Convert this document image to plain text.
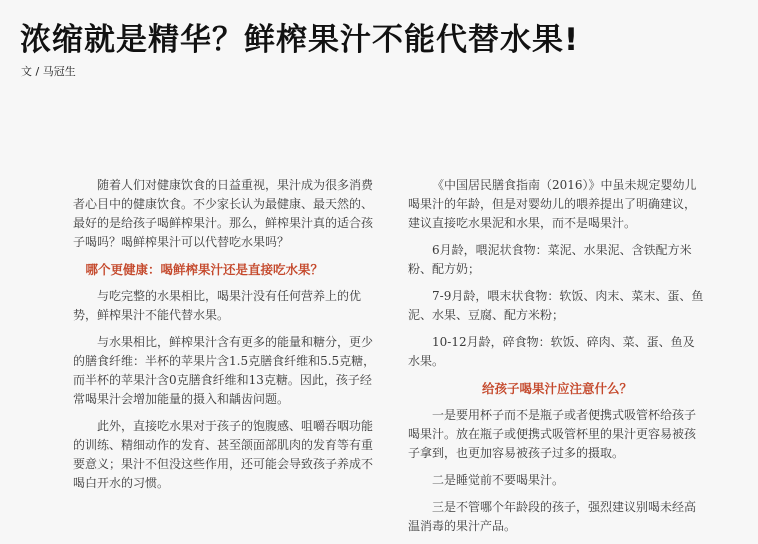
浓缩就是精华？鲜榨果汁不能代替水果!
文 / 马冠生

随着人们对健康饮食的日益重视，果汁成为很多消费者心目中的健康饮食。不少家长认为最健康、最天然的、最好的是给孩子喝鲜榨果汁。那么，鲜榨果汁真的适合孩子喝吗？喝鲜榨果汁可以代替吃水果吗？

哪个更健康：喝鲜榨果汁还是直接吃水果？

与吃完整的水果相比，喝果汁没有任何营养上的优势，鲜榨果汁不能代替水果。

与水果相比，鲜榨果汁含有更多的能量和糖分，更少的膳食纤维：半杯的苹果片含1.5克膳食纤维和5.5克糖，而半杯的苹果汁含0克膳食纤维和13克糖。因此，孩子经常喝果汁会增加能量的摄入和龋齿问题。

此外，直接吃水果对于孩子的饱腹感、咀嚼吞咽功能的训练、精细动作的发育、甚至颌面部肌肉的发育等有重要意义；果汁不但没这些作用，还可能会导致孩子养成不喝白开水的习惯。

《中国居民膳食指南（2016）》中虽未规定婴幼儿喝果汁的年龄，但是对婴幼儿的喂养提出了明确建议，建议直接吃水果泥和水果，而不是喝果汁。

6月龄，喂泥状食物：菜泥、水果泥、含铁配方米粉、配方奶；

7-9月龄，喂末状食物：软饭、肉末、菜末、蛋、鱼泥、水果、豆腐、配方米粉；

10-12月龄，碎食物：软饭、碎肉、菜、蛋、鱼及水果。

给孩子喝果汁应注意什么？

一是要用杯子而不是瓶子或者便携式吸管杯给孩子喝果汁。放在瓶子或便携式吸管杯里的果汁更容易被孩子拿到，也更加容易被孩子过多的摄取。

二是睡觉前不要喝果汁。

三是不管哪个年龄段的孩子，强烈建议别喝未经高温消毒的果汁产品。
